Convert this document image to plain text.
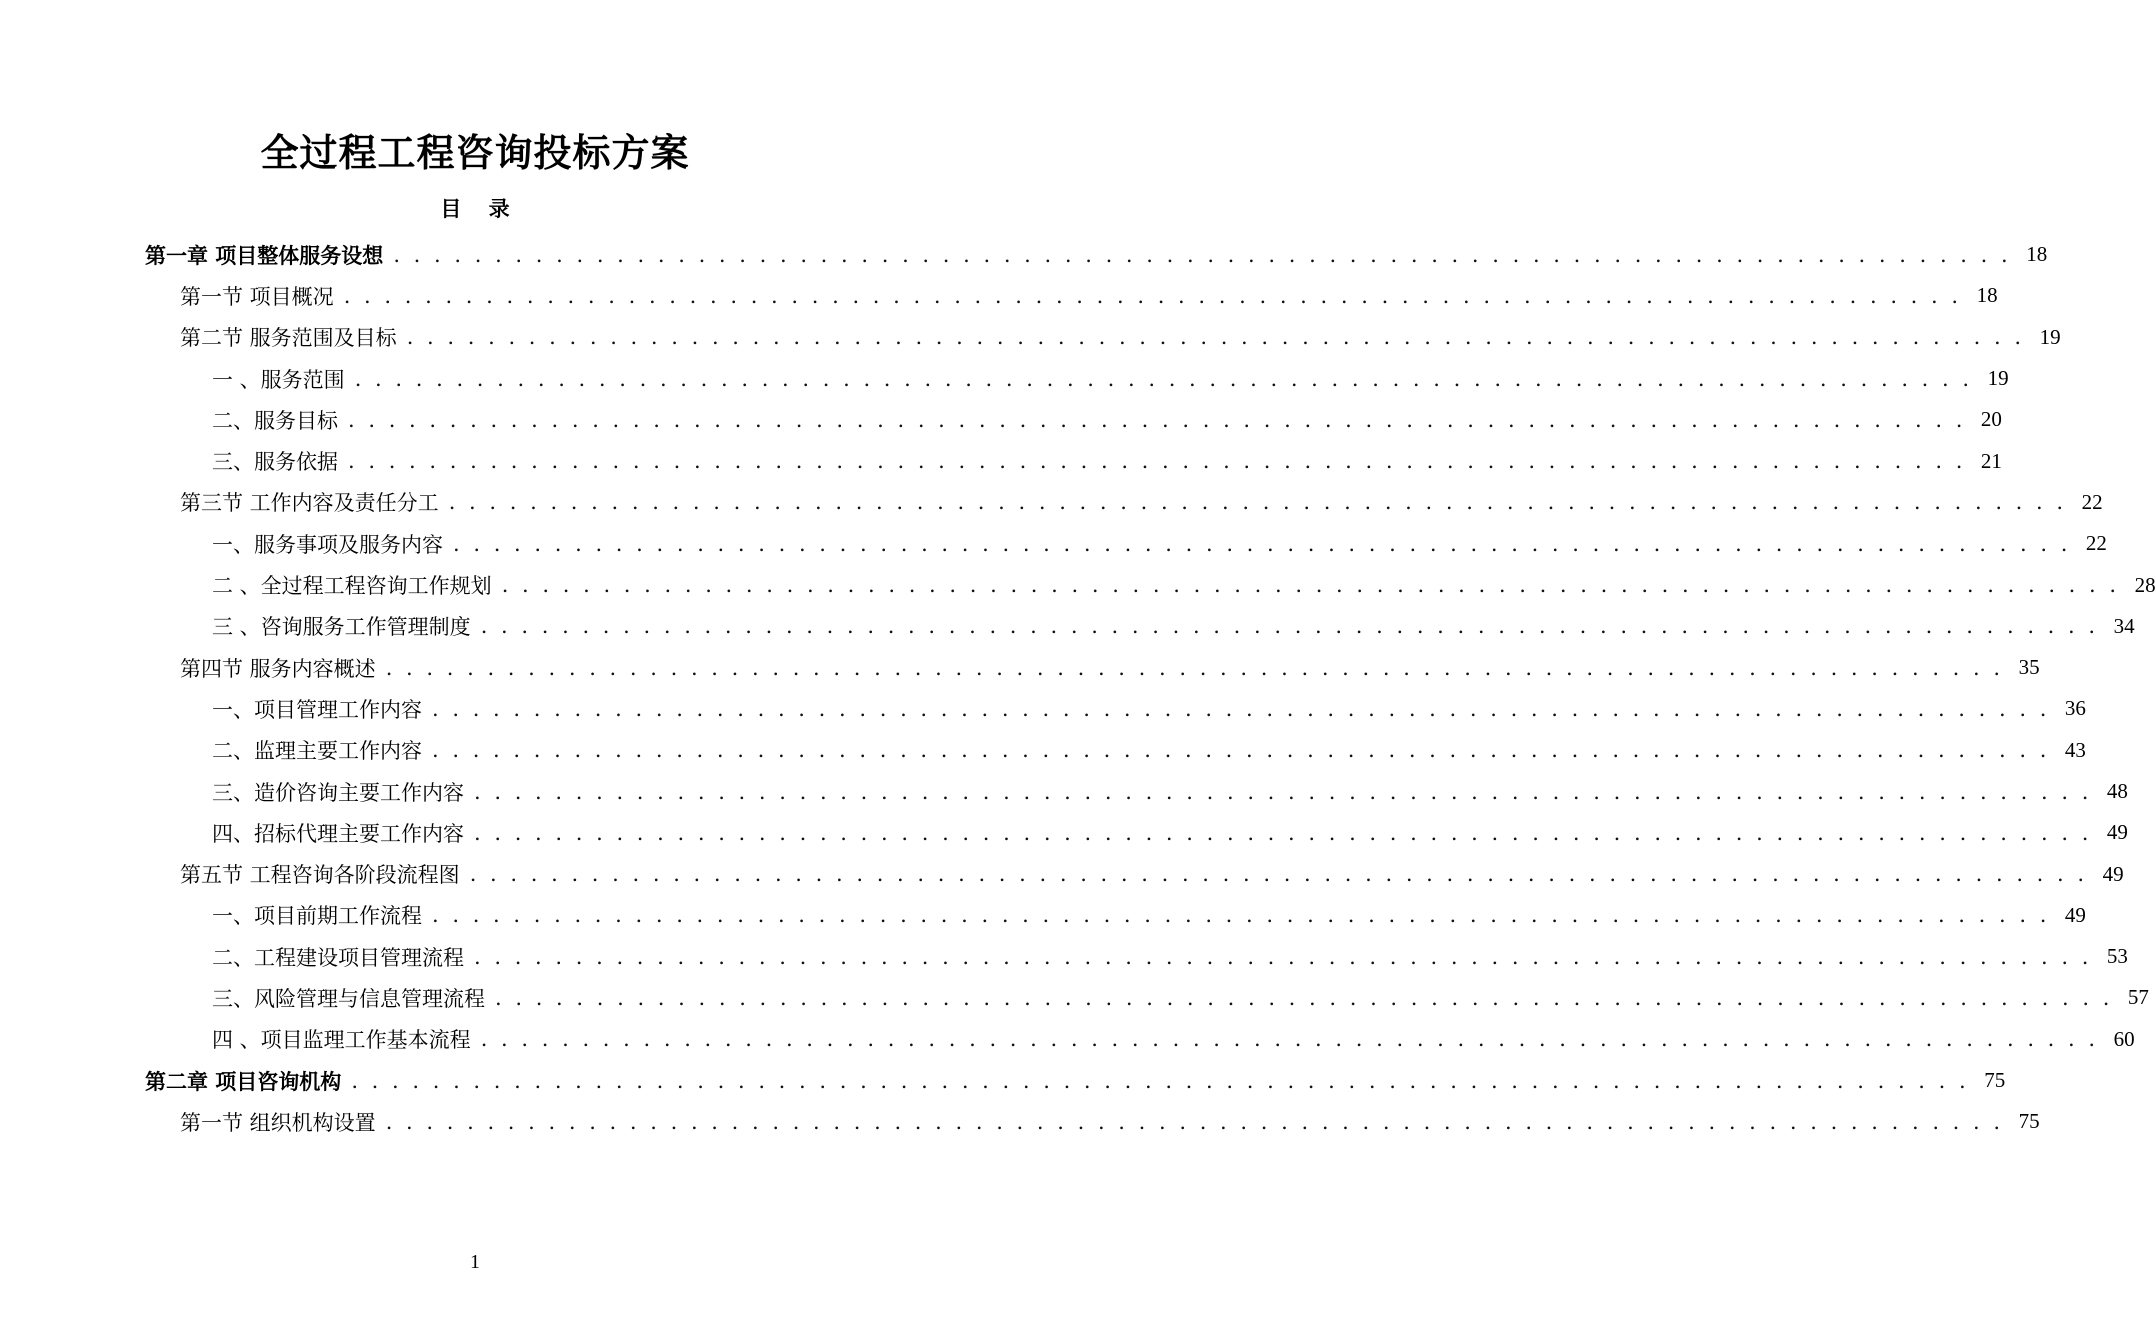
全过程工程咨询投标方案
目 录
第一章 项目整体服务设想 . . . . . . . . . . . . . . . . . . . . . . . . . . . . . . . . . . . . . . . . . . . . . . . . . . . . . . . . . . . . . . . . . . . . . . . . . . . . . . . . 18
第一节 项目概况 . . . . . . . . . . . . . . . . . . . . . . . . . . . . . . . . . . . . . . . . . . . . . . . . . . . . . . . . . . . . . . . . . . . . . . . . . . . . . . . . 18
第二节 服务范围及目标 . . . . . . . . . . . . . . . . . . . . . . . . . . . . . . . . . . . . . . . . . . . . . . . . . . . . . . . . . . . . . . . . . . . . . . . . . . . . . . . . 19
一 、服务范围 . . . . . . . . . . . . . . . . . . . . . . . . . . . . . . . . . . . . . . . . . . . . . . . . . . . . . . . . . . . . . . . . . . . . . . . . . . . . . . . . 19
二、服务目标 . . . . . . . . . . . . . . . . . . . . . . . . . . . . . . . . . . . . . . . . . . . . . . . . . . . . . . . . . . . . . . . . . . . . . . . . . . . . . . . . 20
三、服务依据 . . . . . . . . . . . . . . . . . . . . . . . . . . . . . . . . . . . . . . . . . . . . . . . . . . . . . . . . . . . . . . . . . . . . . . . . . . . . . . . . 21
第三节 工作内容及责任分工 . . . . . . . . . . . . . . . . . . . . . . . . . . . . . . . . . . . . . . . . . . . . . . . . . . . . . . . . . . . . . . . . . . . . . . . . . . . . . . . . 22
一、服务事项及服务内容 . . . . . . . . . . . . . . . . . . . . . . . . . . . . . . . . . . . . . . . . . . . . . . . . . . . . . . . . . . . . . . . . . . . . . . . . . . . . . . . . 22
二 、全过程工程咨询工作规划 . . . . . . . . . . . . . . . . . . . . . . . . . . . . . . . . . . . . . . . . . . . . . . . . . . . . . . . . . . . . . . . . . . . . . . . . . . . . . . . . 28
三 、咨询服务工作管理制度 . . . . . . . . . . . . . . . . . . . . . . . . . . . . . . . . . . . . . . . . . . . . . . . . . . . . . . . . . . . . . . . . . . . . . . . . . . . . . . . . 34
第四节 服务内容概述 . . . . . . . . . . . . . . . . . . . . . . . . . . . . . . . . . . . . . . . . . . . . . . . . . . . . . . . . . . . . . . . . . . . . . . . . . . . . . . . . 35
一、项目管理工作内容 . . . . . . . . . . . . . . . . . . . . . . . . . . . . . . . . . . . . . . . . . . . . . . . . . . . . . . . . . . . . . . . . . . . . . . . . . . . . . . . . 36
二、监理主要工作内容 . . . . . . . . . . . . . . . . . . . . . . . . . . . . . . . . . . . . . . . . . . . . . . . . . . . . . . . . . . . . . . . . . . . . . . . . . . . . . . . . 43
三、造价咨询主要工作内容 . . . . . . . . . . . . . . . . . . . . . . . . . . . . . . . . . . . . . . . . . . . . . . . . . . . . . . . . . . . . . . . . . . . . . . . . . . . . . . . . 48
四、招标代理主要工作内容 . . . . . . . . . . . . . . . . . . . . . . . . . . . . . . . . . . . . . . . . . . . . . . . . . . . . . . . . . . . . . . . . . . . . . . . . . . . . . . . . 49
第五节 工程咨询各阶段流程图 . . . . . . . . . . . . . . . . . . . . . . . . . . . . . . . . . . . . . . . . . . . . . . . . . . . . . . . . . . . . . . . . . . . . . . . . . . . . . . . . 49
一、项目前期工作流程 . . . . . . . . . . . . . . . . . . . . . . . . . . . . . . . . . . . . . . . . . . . . . . . . . . . . . . . . . . . . . . . . . . . . . . . . . . . . . . . . 49
二、工程建设项目管理流程 . . . . . . . . . . . . . . . . . . . . . . . . . . . . . . . . . . . . . . . . . . . . . . . . . . . . . . . . . . . . . . . . . . . . . . . . . . . . . . . . 53
三、风险管理与信息管理流程 . . . . . . . . . . . . . . . . . . . . . . . . . . . . . . . . . . . . . . . . . . . . . . . . . . . . . . . . . . . . . . . . . . . . . . . . . . . . . . . . 57
四 、项目监理工作基本流程 . . . . . . . . . . . . . . . . . . . . . . . . . . . . . . . . . . . . . . . . . . . . . . . . . . . . . . . . . . . . . . . . . . . . . . . . . . . . . . . . 60
第二章 项目咨询机构 . . . . . . . . . . . . . . . . . . . . . . . . . . . . . . . . . . . . . . . . . . . . . . . . . . . . . . . . . . . . . . . . . . . . . . . . . . . . . . . . 75
第一节 组织机构设置 . . . . . . . . . . . . . . . . . . . . . . . . . . . . . . . . . . . . . . . . . . . . . . . . . . . . . . . . . . . . . . . . . . . . . . . . . . . . . . . . 75
1
